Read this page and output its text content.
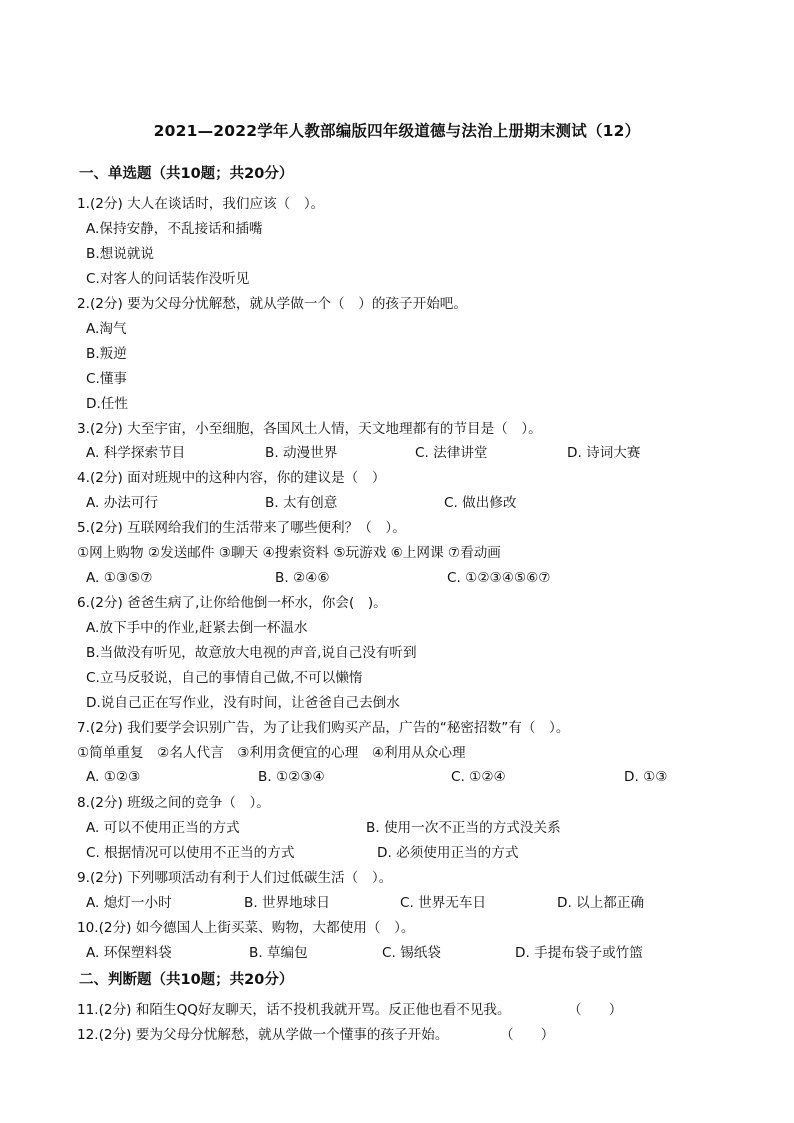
2021—2022学年人教部编版四年级道德与法治上册期末测试（12）
一、单选题（共10题；共20分）
1.(2分) 大人在谈话时，我们应该（　）。
A.保持安静，不乱接话和插嘴
B.想说就说
C.对客人的问话装作没听见
2.(2分) 要为父母分忧解愁，就从学做一个（　）的孩子开始吧。
A.淘气
B.叛逆
C.懂事
D.任性
3.(2分) 大至宇宙，小至细胞，各国风土人情，天文地理都有的节目是（　）。
A. 科学探索节目	B. 动漫世界	C. 法律讲堂	D. 诗词大赛
4.(2分) 面对班规中的这种内容，你的建议是（　）
A. 办法可行	B. 太有创意	C. 做出修改
5.(2分) 互联网给我们的生活带来了哪些便利？（　）。
①网上购物 ②发送邮件 ③聊天 ④搜索资料 ⑤玩游戏 ⑥上网课 ⑦看动画
A. ①③⑤⑦	B. ②④⑥	C. ①②③④⑤⑥⑦
6.(2分) 爸爸生病了,让你给他倒一杯水，你会(　)。
A.放下手中的作业,赶紧去倒一杯温水
B.当做没有听见，故意放大电视的声音,说自己没有听到
C.立马反驳说，自己的事情自己做,不可以懒惰
D.说自己正在写作业，没有时间，让爸爸自己去倒水
7.(2分) 我们要学会识别广告，为了让我们购买产品，广告的“秘密招数”有（　）。
①简单重复　②名人代言　③利用贪便宜的心理　④利用从众心理
A. ①②③	B. ①②③④	C. ①②④	D. ①③
8.(2分) 班级之间的竞争（　）。
A. 可以不使用正当的方式	B. 使用一次不正当的方式没关系
C. 根据情况可以使用不正当的方式	D. 必须使用正当的方式
9.(2分) 下列哪项活动有利于人们过低碳生活（　）。
A. 熄灯一小时	B. 世界地球日	C. 世界无车日	D. 以上都正确
10.(2分) 如今德国人上街买菜、购物，大都使用（　）。
A. 环保塑料袋	B. 草编包	C. 锡纸袋	D. 手提布袋子或竹篮
二、判断题（共10题；共20分）
11.(2分) 和陌生QQ好友聊天，话不投机我就开骂。反正他也看不见我。	（　　）
12.(2分) 要为父母分忧解愁，就从学做一个懂事的孩子开始。	（　　）
